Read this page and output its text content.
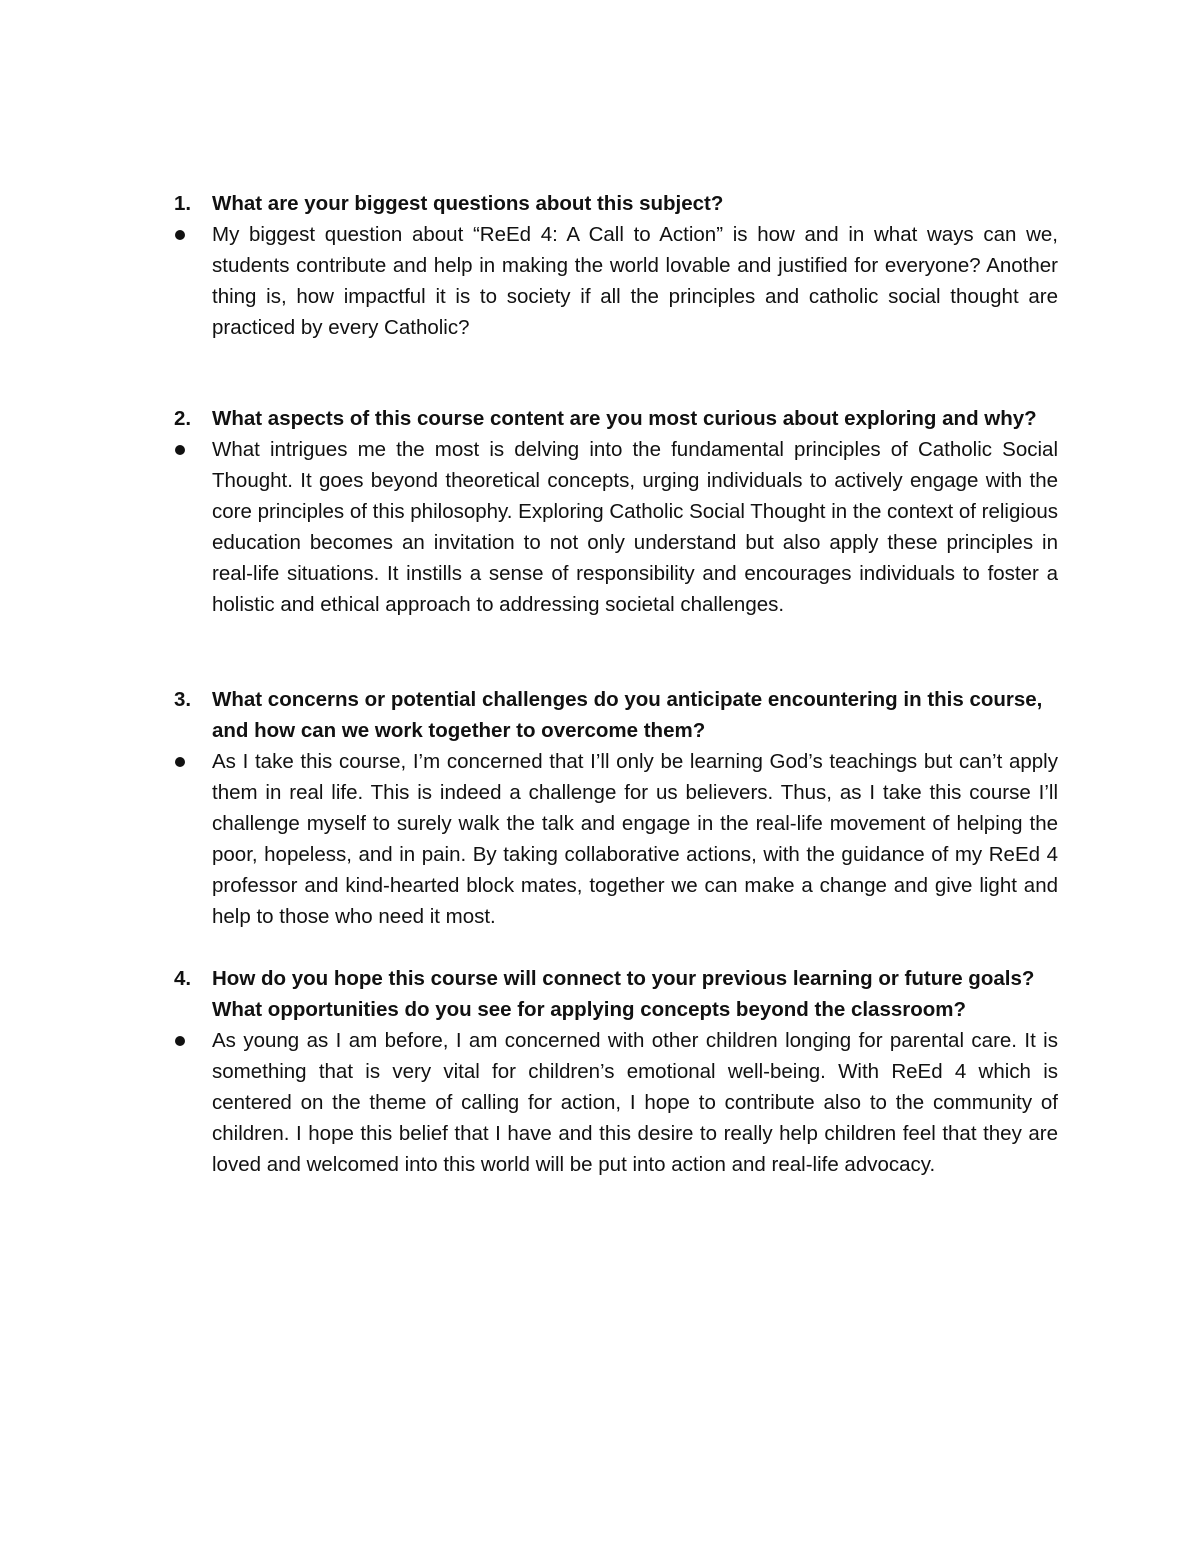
1.	What are your biggest questions about this subject?
My biggest question about “ReEd 4: A Call to Action” is how and in what ways can we, students contribute and help in making the world lovable and justified for everyone? Another thing is, how impactful it is to society if all the principles and catholic social thought are practiced by every Catholic?
2.	What aspects of this course content are you most curious about exploring and why?
What intrigues me the most is delving into the fundamental principles of Catholic Social Thought. It goes beyond theoretical concepts, urging individuals to actively engage with the core principles of this philosophy. Exploring Catholic Social Thought in the context of religious education becomes an invitation to not only understand but also apply these principles in real-life situations. It instills a sense of responsibility and encourages individuals to foster a holistic and ethical approach to addressing societal challenges.
3.	What concerns or potential challenges do you anticipate encountering in this course, and how can we work together to overcome them?
As I take this course, I’m concerned that I’ll only be learning God’s teachings but can’t apply them in real life. This is indeed a challenge for us believers. Thus, as I take this course I’ll challenge myself to surely walk the talk and engage in the real-life movement of helping the poor, hopeless, and in pain. By taking collaborative actions, with the guidance of my ReEd 4 professor and kind-hearted block mates, together we can make a change and give light and help to those who need it most.
4.	How do you hope this course will connect to your previous learning or future goals? What opportunities do you see for applying concepts beyond the classroom?
As young as I am before, I am concerned with other children longing for parental care. It is something that is very vital for children’s emotional well-being. With ReEd 4 which is centered on the theme of calling for action, I hope to contribute also to the community of children. I hope this belief that I have and this desire to really help children feel that they are loved and welcomed into this world will be put into action and real-life advocacy.
